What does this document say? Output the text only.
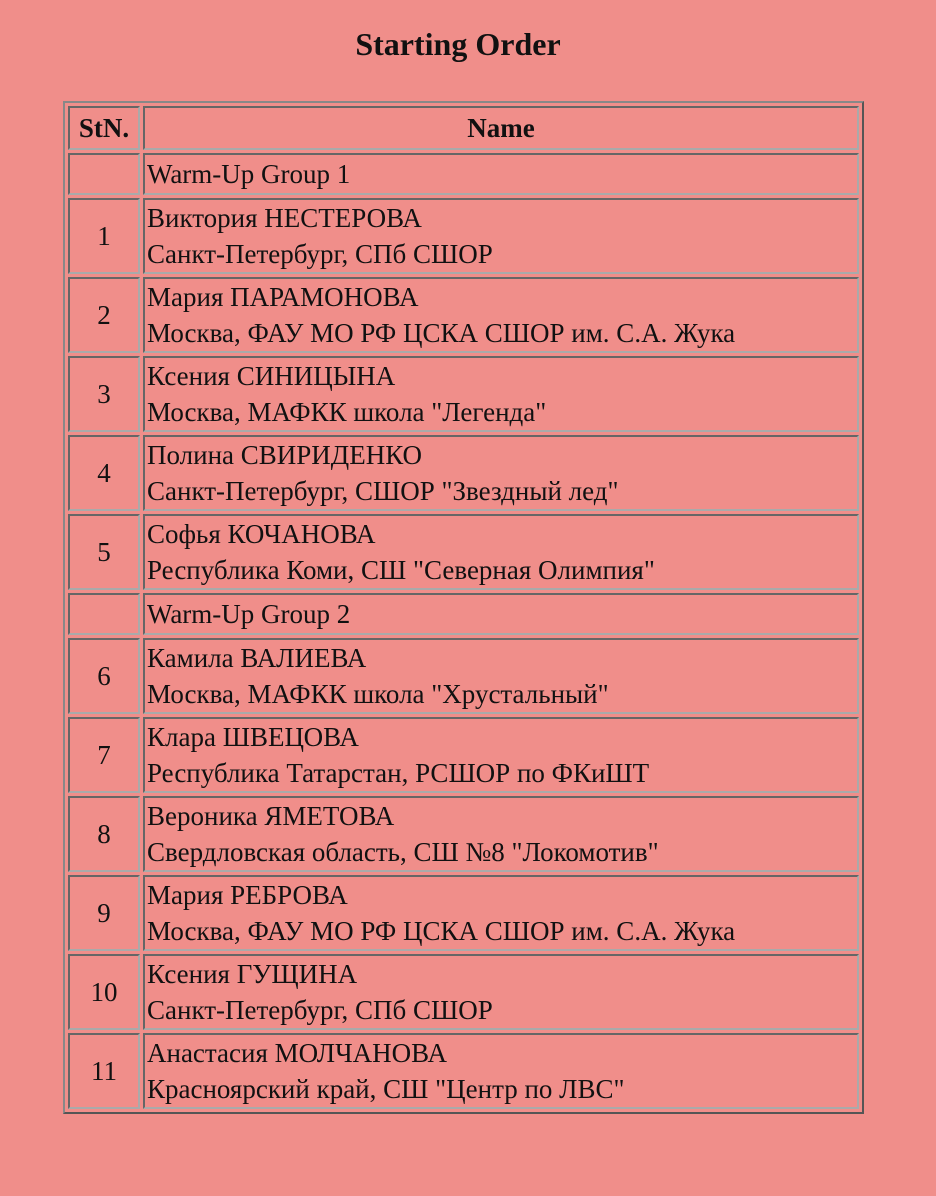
Starting Order
StN.	Name
	Warm-Up Group 1
1	Виктория НЕСТЕРОВА
Санкт-Петербург, СПб СШОР
2	Мария ПАРАМОНОВА
Москва, ФАУ МО РФ ЦСКА СШОР им. С.А. Жука
3	Ксения СИНИЦЫНА
Москва, МАФКК школа "Легенда"
4	Полина СВИРИДЕНКО
Санкт-Петербург, СШОР "Звездный лед"
5	Софья КОЧАНОВА
Республика Коми, СШ "Северная Олимпия"
	Warm-Up Group 2
6	Камила ВАЛИЕВА
Москва, МАФКК школа "Хрустальный"
7	Клара ШВЕЦОВА
Республика Татарстан, РСШОР по ФКиШТ
8	Вероника ЯМЕТОВА
Свердловская область, СШ №8 "Локомотив"
9	Мария РЕБРОВА
Москва, ФАУ МО РФ ЦСКА СШОР им. С.А. Жука
10	Ксения ГУЩИНА
Санкт-Петербург, СПб СШОР
11	Анастасия МОЛЧАНОВА
Красноярский край, СШ "Центр по ЛВС"
